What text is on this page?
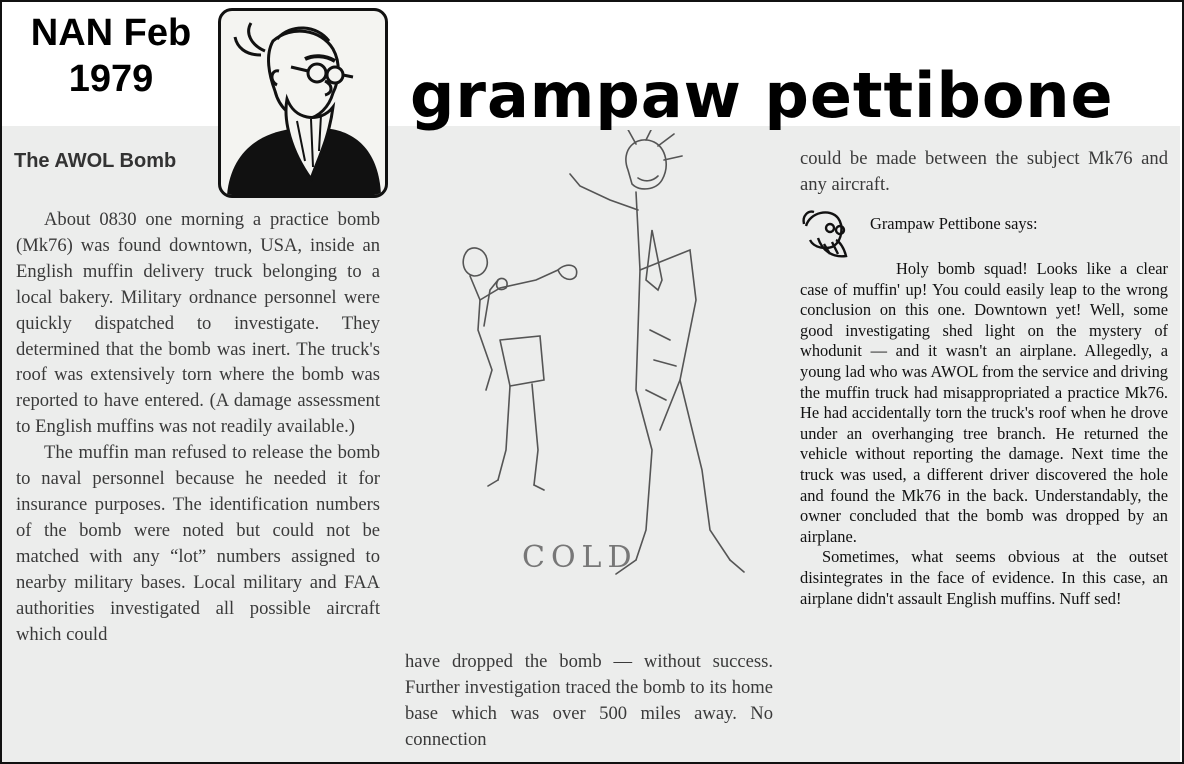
NAN Feb
1979	grampaw pettibone
The AWOL Bomb

About 0830 one morning a practice bomb (Mk76) was found downtown, USA, inside an English muffin delivery truck belonging to a local bakery. Military ordnance personnel were quickly dispatched to investigate. They determined that the bomb was inert. The truck's roof was extensively torn where the bomb was reported to have entered. (A damage assessment to English muffins was not readily available.)

The muffin man refused to release the bomb to naval personnel because he needed it for insurance purposes. The identification numbers of the bomb were noted but could not be matched with any “lot” numbers assigned to nearby military bases. Local military and FAA authorities investigated all possible aircraft which could

COLD
have dropped the bomb — without success. Further investigation traced the bomb to its home base which was over 500 miles away. No connection
could be made between the subject Mk76 and any aircraft.
Grampaw Pettibone says:

Holy bomb squad! Looks like a clear case of muffin' up! You could easily leap to the wrong conclusion on this one. Downtown yet! Well, some good investigating shed light on the mystery of whodunit — and it wasn't an airplane. Allegedly, a young lad who was AWOL from the service and driving the muffin truck had misappropriated a practice Mk76. He had accidentally torn the truck's roof when he drove under an overhanging tree branch. He returned the vehicle without reporting the damage. Next time the truck was used, a different driver discovered the hole and found the Mk76 in the back. Understandably, the owner concluded that the bomb was dropped by an airplane.

Sometimes, what seems obvious at the outset disintegrates in the face of evidence. In this case, an airplane didn't assault English muffins. Nuff sed!
